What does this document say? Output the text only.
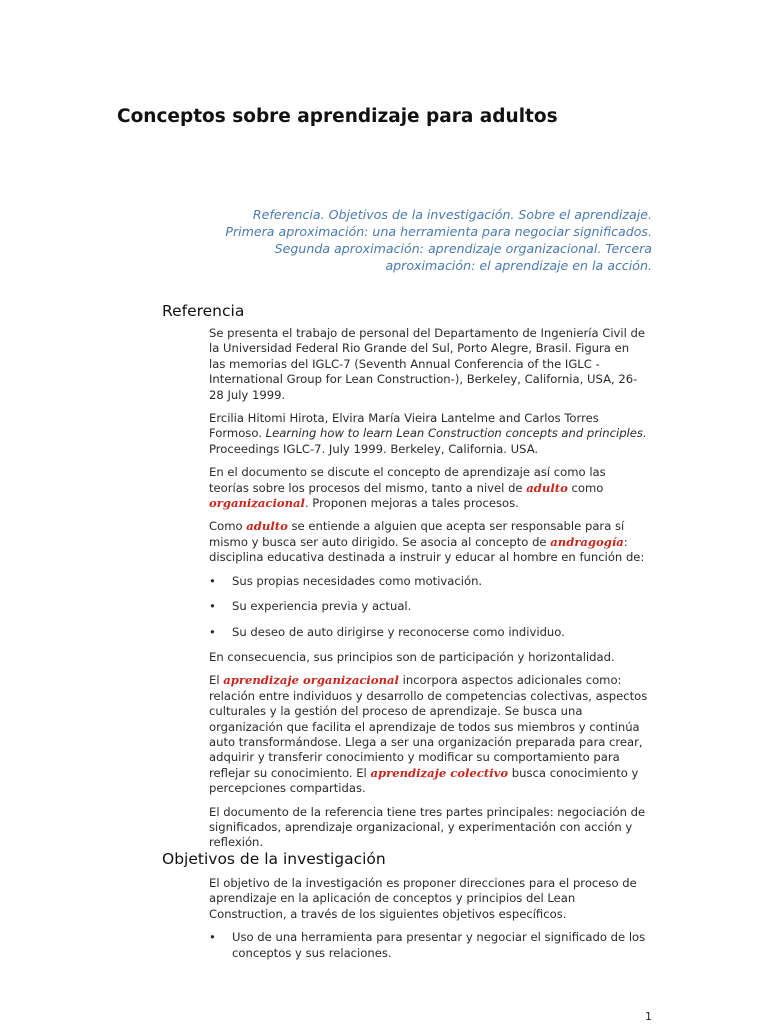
Conceptos sobre aprendizaje para adultos

Referencia. Objetivos de la investigación. Sobre el aprendizaje. Primera aproximación: una herramienta para negociar significados. Segunda aproximación: aprendizaje organizacional. Tercera aproximación: el aprendizaje en la acción.

Referencia

Se presenta el trabajo de personal del Departamento de Ingeniería Civil de la Universidad Federal Rio Grande del Sul, Porto Alegre, Brasil. Figura en las memorias del IGLC-7 (Seventh Annual Conferencia of the IGLC - International Group for Lean Construction-), Berkeley, California, USA, 26-28 July 1999.

Ercilia Hitomi Hirota, Elvira María Vieira Lantelme and Carlos Torres Formoso. Learning how to learn Lean Construction concepts and principles. Proceedings IGLC-7. July 1999. Berkeley, California. USA.

En el documento se discute el concepto de aprendizaje así como las teorías sobre los procesos del mismo, tanto a nivel de adulto como organizacional. Proponen mejoras a tales procesos.

Como adulto se entiende a alguien que acepta ser responsable para sí mismo y busca ser auto dirigido. Se asocia al concepto de andragogía: disciplina educativa destinada a instruir y educar al hombre en función de:

• Sus propias necesidades como motivación.
• Su experiencia previa y actual.
• Su deseo de auto dirigirse y reconocerse como individuo.

En consecuencia, sus principios son de participación y horizontalidad.

El aprendizaje organizacional incorpora aspectos adicionales como: relación entre individuos y desarrollo de competencias colectivas, aspectos culturales y la gestión del proceso de aprendizaje. Se busca una organización que facilita el aprendizaje de todos sus miembros y continúa auto transformándose. Llega a ser una organización preparada para crear, adquirir y transferir conocimiento y modificar su comportamiento para reflejar su conocimiento. El aprendizaje colectivo busca conocimiento y percepciones compartidas.

El documento de la referencia tiene tres partes principales: negociación de significados, aprendizaje organizacional, y experimentación con acción y reflexión.

Objetivos de la investigación

El objetivo de la investigación es proponer direcciones para el proceso de aprendizaje en la aplicación de conceptos y principios del Lean Construction, a través de los siguientes objetivos específicos.

• Uso de una herramienta para presentar y negociar el significado de los conceptos y sus relaciones.
1
